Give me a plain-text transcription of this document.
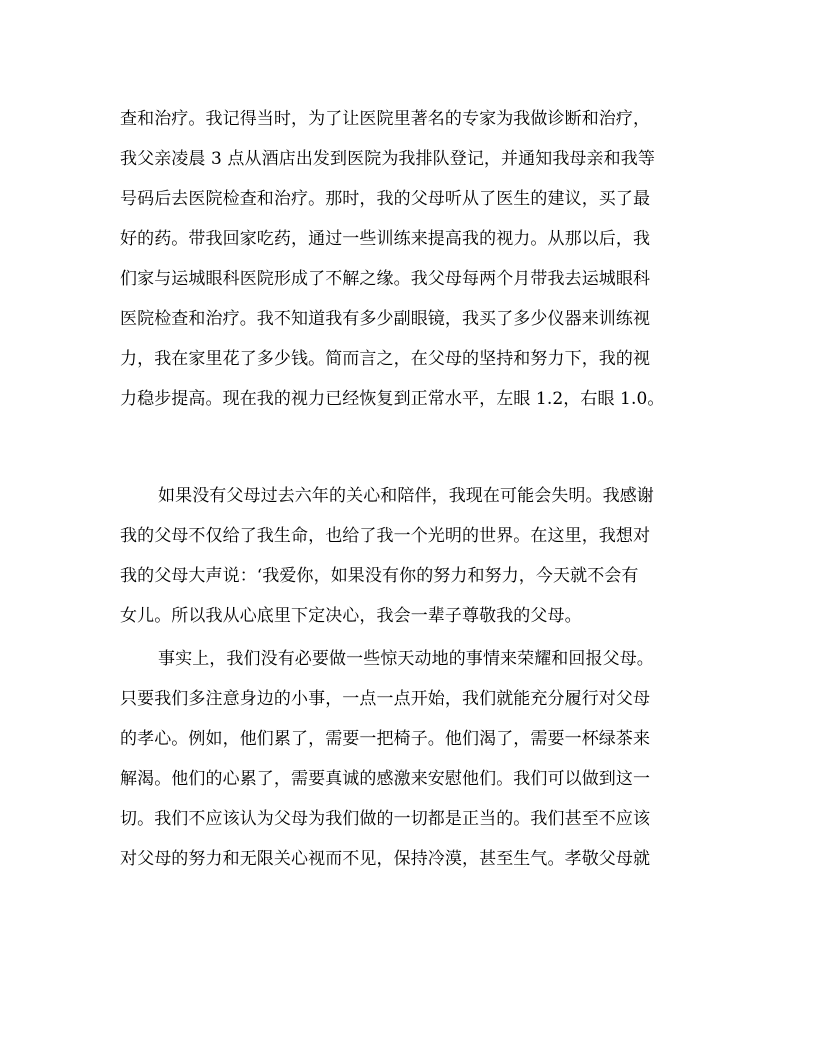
查和治疗。我记得当时，为了让医院里著名的专家为我做诊断和治疗，
我父亲凌晨 3 点从酒店出发到医院为我排队登记，并通知我母亲和我等
号码后去医院检查和治疗。那时，我的父母听从了医生的建议，买了最
好的药。带我回家吃药，通过一些训练来提高我的视力。从那以后，我
们家与运城眼科医院形成了不解之缘。我父母每两个月带我去运城眼科
医院检查和治疗。我不知道我有多少副眼镜，我买了多少仪器来训练视
力，我在家里花了多少钱。简而言之，在父母的坚持和努力下，我的视
力稳步提高。现在我的视力已经恢复到正常水平，左眼 1.2，右眼 1.0。
如果没有父母过去六年的关心和陪伴，我现在可能会失明。我感谢
我的父母不仅给了我生命，也给了我一个光明的世界。在这里，我想对
我的父母大声说：‘我爱你，如果没有你的努力和努力，今天就不会有
女儿。所以我从心底里下定决心，我会一辈子尊敬我的父母。
事实上，我们没有必要做一些惊天动地的事情来荣耀和回报父母。
只要我们多注意身边的小事，一点一点开始，我们就能充分履行对父母
的孝心。例如，他们累了，需要一把椅子。他们渴了，需要一杯绿茶来
解渴。他们的心累了，需要真诚的感激来安慰他们。我们可以做到这一
切。我们不应该认为父母为我们做的一切都是正当的。我们甚至不应该
对父母的努力和无限关心视而不见，保持冷漠，甚至生气。孝敬父母就
